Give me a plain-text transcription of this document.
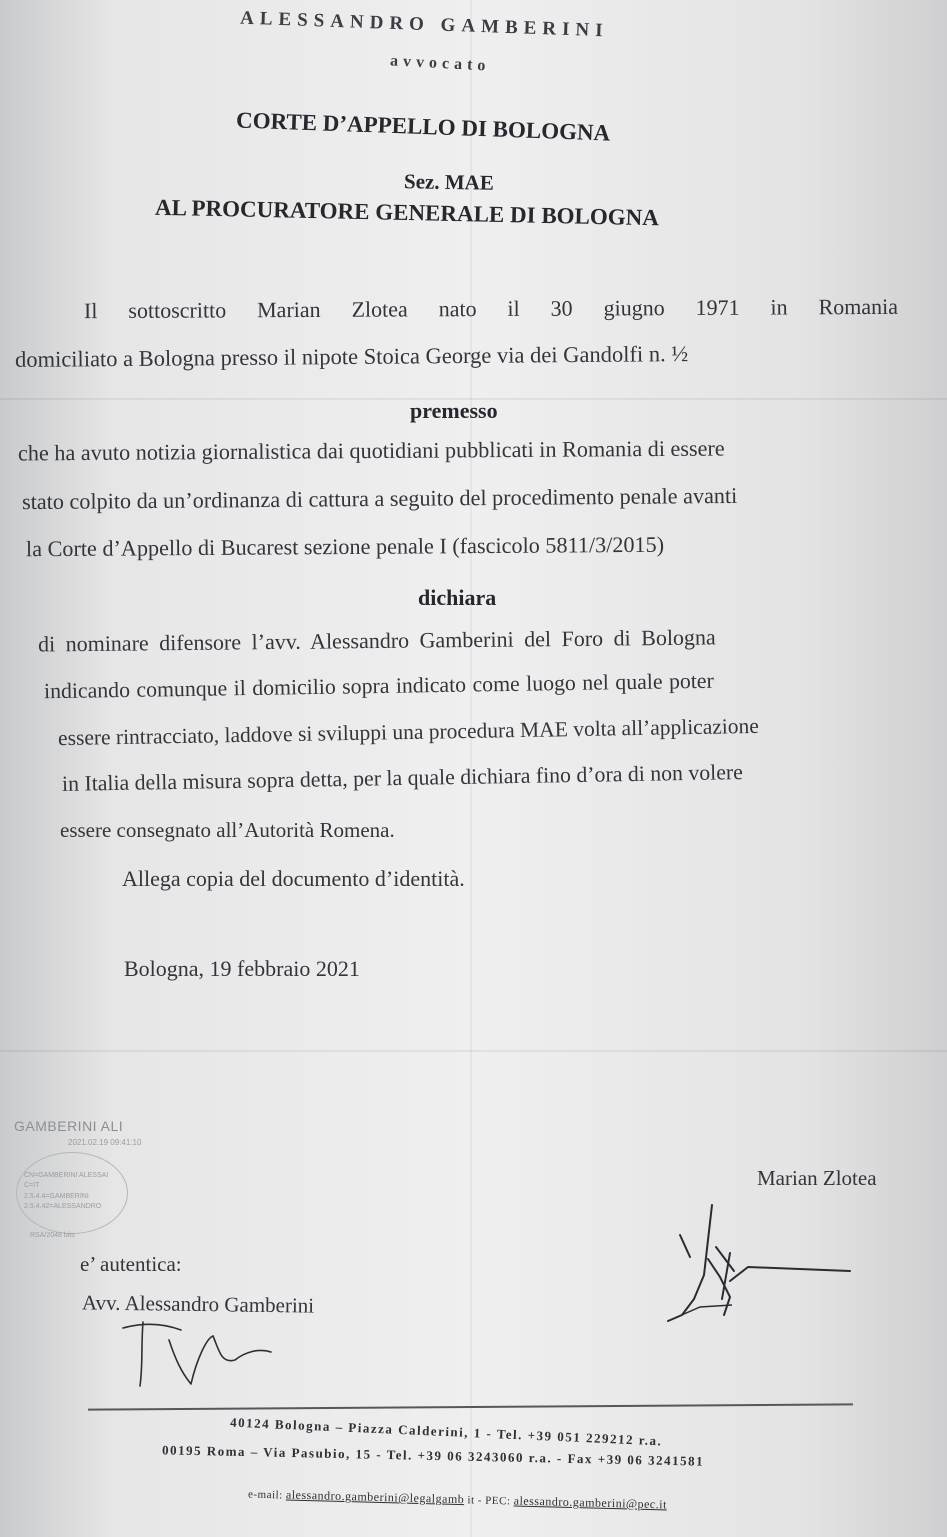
ALESSANDRO GAMBERINI
avvocato
CORTE D’APPELLO DI BOLOGNA
Sez. MAE
AL PROCURATORE GENERALE DI BOLOGNA
Il sottoscritto Marian Zlotea nato il 30 giugno 1971 in Romania
domiciliato a Bologna presso il nipote Stoica George via dei Gandolfi n. ½
premesso
che ha avuto notizia giornalistica dai quotidiani pubblicati in Romania di essere
stato colpito da un’ordinanza di cattura a seguito del procedimento penale avanti
la Corte d’Appello di Bucarest sezione penale I (fascicolo 5811/3/2015)
dichiara
di nominare difensore l’avv. Alessandro Gamberini del Foro di Bologna
indicando comunque il domicilio sopra indicato come luogo nel quale poter
essere rintracciato, laddove si sviluppi una procedura MAE volta all’applicazione
in Italia della misura sopra detta, per la quale dichiara fino d’ora di non volere
essere consegnato all’Autorità Romena.
Allega copia del documento d’identità.
Bologna, 19 febbraio 2021
GAMBERINI ALI
2021.02.19 09:41:10
CN=GAMBERINI ALESSAI
C=IT
2.5.4.4=GAMBERINI
2.5.4.42=ALESSANDRO
RSA/2048 bits
Marian Zlotea
e’ autentica:
Avv. Alessandro Gamberini
40124 Bologna – Piazza Calderini, 1 - Tel. +39 051 229212 r.a.
00195 Roma – Via Pasubio, 15 - Tel. +39 06 3243060 r.a. - Fax +39 06 3241581
e-mail: alessandro.gamberini@legalgamb it - PEC: alessandro.gamberini@pec.it
